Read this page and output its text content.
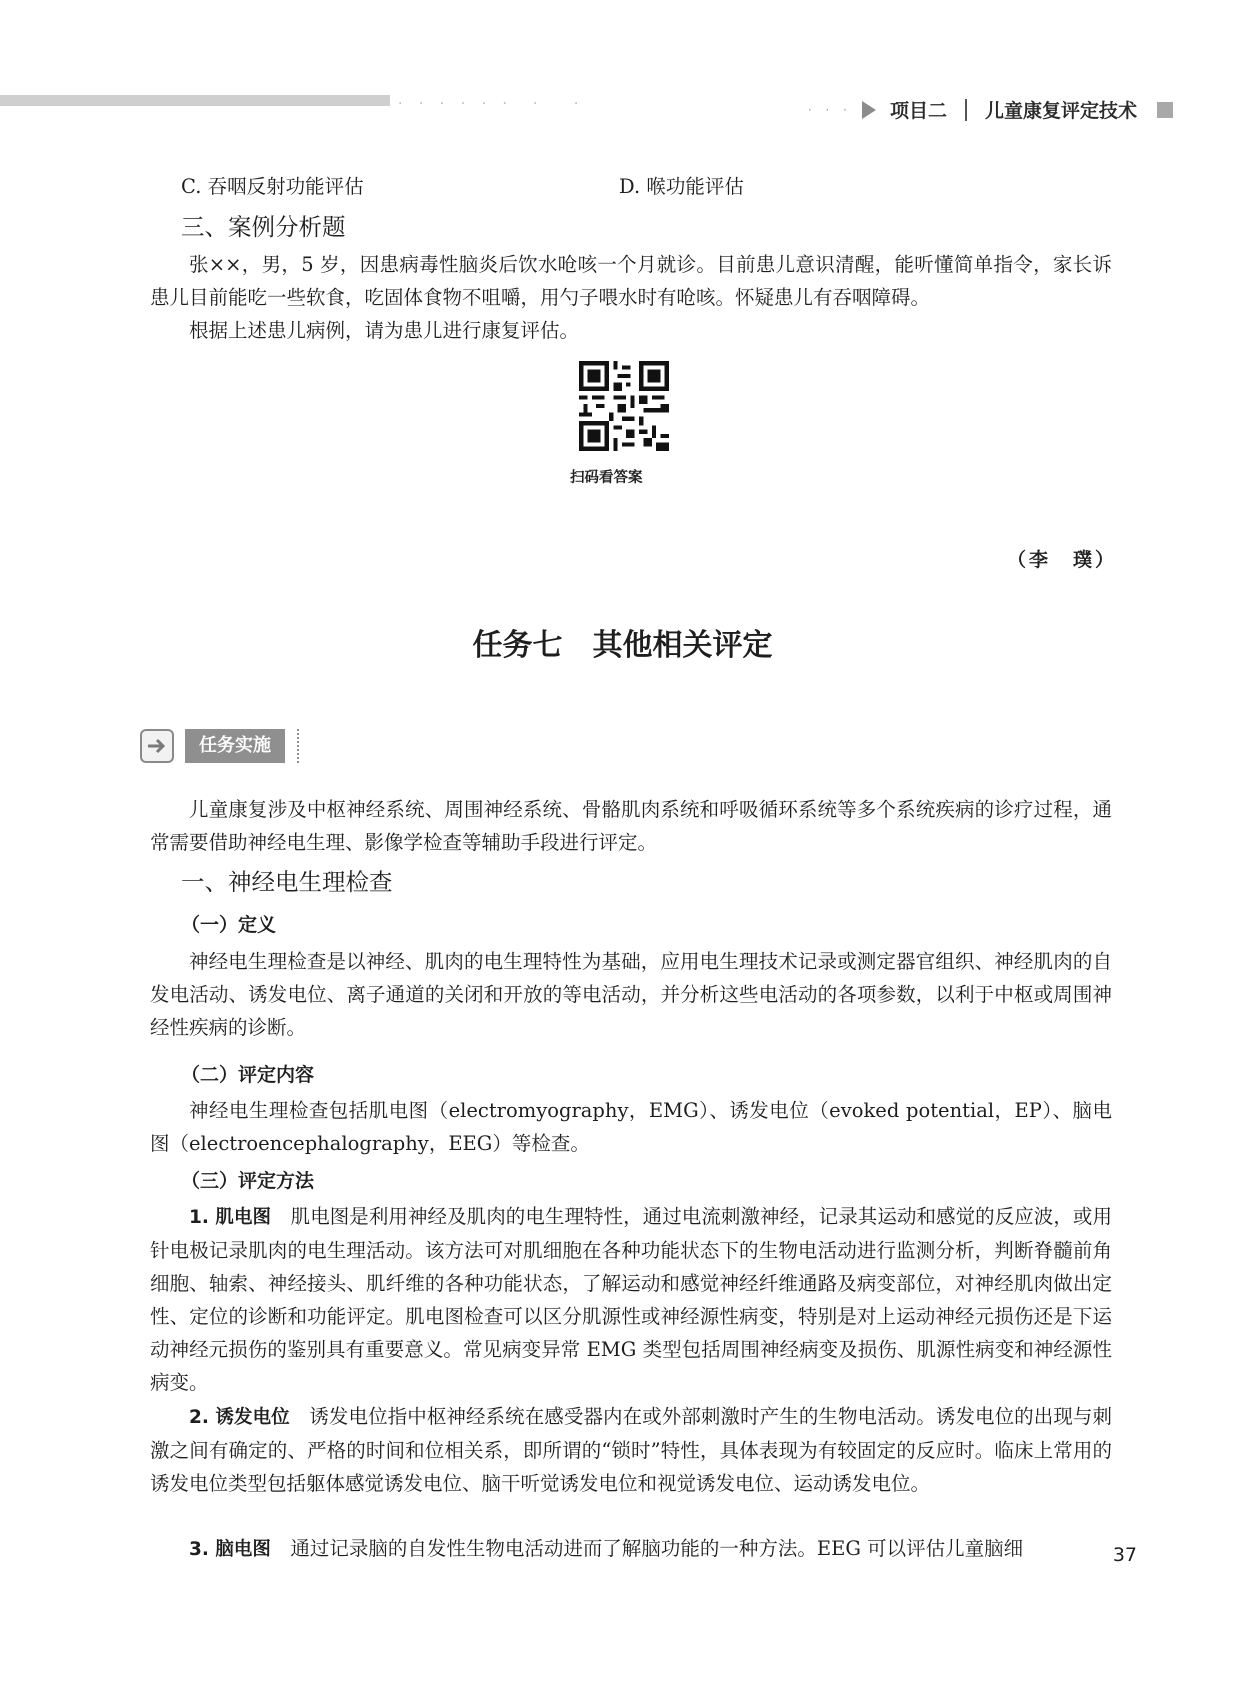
· · · · · ·　·　 ·	· · · 项目二 儿童康复评定技术
C. 吞咽反射功能评估	D. 喉功能评估
三、案例分析题
张××，男，5 岁，因患病毒性脑炎后饮水呛咳一个月就诊。目前患儿意识清醒，能听懂简单指令，家长诉患儿目前能吃一些软食，吃固体食物不咀嚼，用勺子喂水时有呛咳。怀疑患儿有吞咽障碍。
根据上述患儿病例，请为患儿进行康复评估。
扫码看答案
（李　璞）
任务七　其他相关评定
任务实施
儿童康复涉及中枢神经系统、周围神经系统、骨骼肌肉系统和呼吸循环系统等多个系统疾病的诊疗过程，通常需要借助神经电生理、影像学检查等辅助手段进行评定。
一、神经电生理检查
（一）定义
神经电生理检查是以神经、肌肉的电生理特性为基础，应用电生理技术记录或测定器官组织、神经肌肉的自发电活动、诱发电位、离子通道的关闭和开放的等电活动，并分析这些电活动的各项参数，以利于中枢或周围神经性疾病的诊断。
（二）评定内容
神经电生理检查包括肌电图（electromyography，EMG）、诱发电位（evoked potential，EP）、脑电图（electroencephalography，EEG）等检查。
（三）评定方法
1. 肌电图　 肌电图是利用神经及肌肉的电生理特性，通过电流刺激神经，记录其运动和感觉的反应波，或用针电极记录肌肉的电生理活动。该方法可对肌细胞在各种功能状态下的生物电活动进行监测分析，判断脊髓前角细胞、轴索、神经接头、肌纤维的各种功能状态，了解运动和感觉神经纤维通路及病变部位，对神经肌肉做出定性、定位的诊断和功能评定。肌电图检查可以区分肌源性或神经源性病变，特别是对上运动神经元损伤还是下运动神经元损伤的鉴别具有重要意义。常见病变异常 EMG 类型包括周围神经病变及损伤、肌源性病变和神经源性病变。
2. 诱发电位　 诱发电位指中枢神经系统在感受器内在或外部刺激时产生的生物电活动。诱发电位的出现与刺激之间有确定的、严格的时间和位相关系，即所谓的“锁时”特性，具体表现为有较固定的反应时。临床上常用的诱发电位类型包括躯体感觉诱发电位、脑干听觉诱发电位和视觉诱发电位、运动诱发电位。
3. 脑电图　 通过记录脑的自发性生物电活动进而了解脑功能的一种方法。EEG 可以评估儿童脑细	37
